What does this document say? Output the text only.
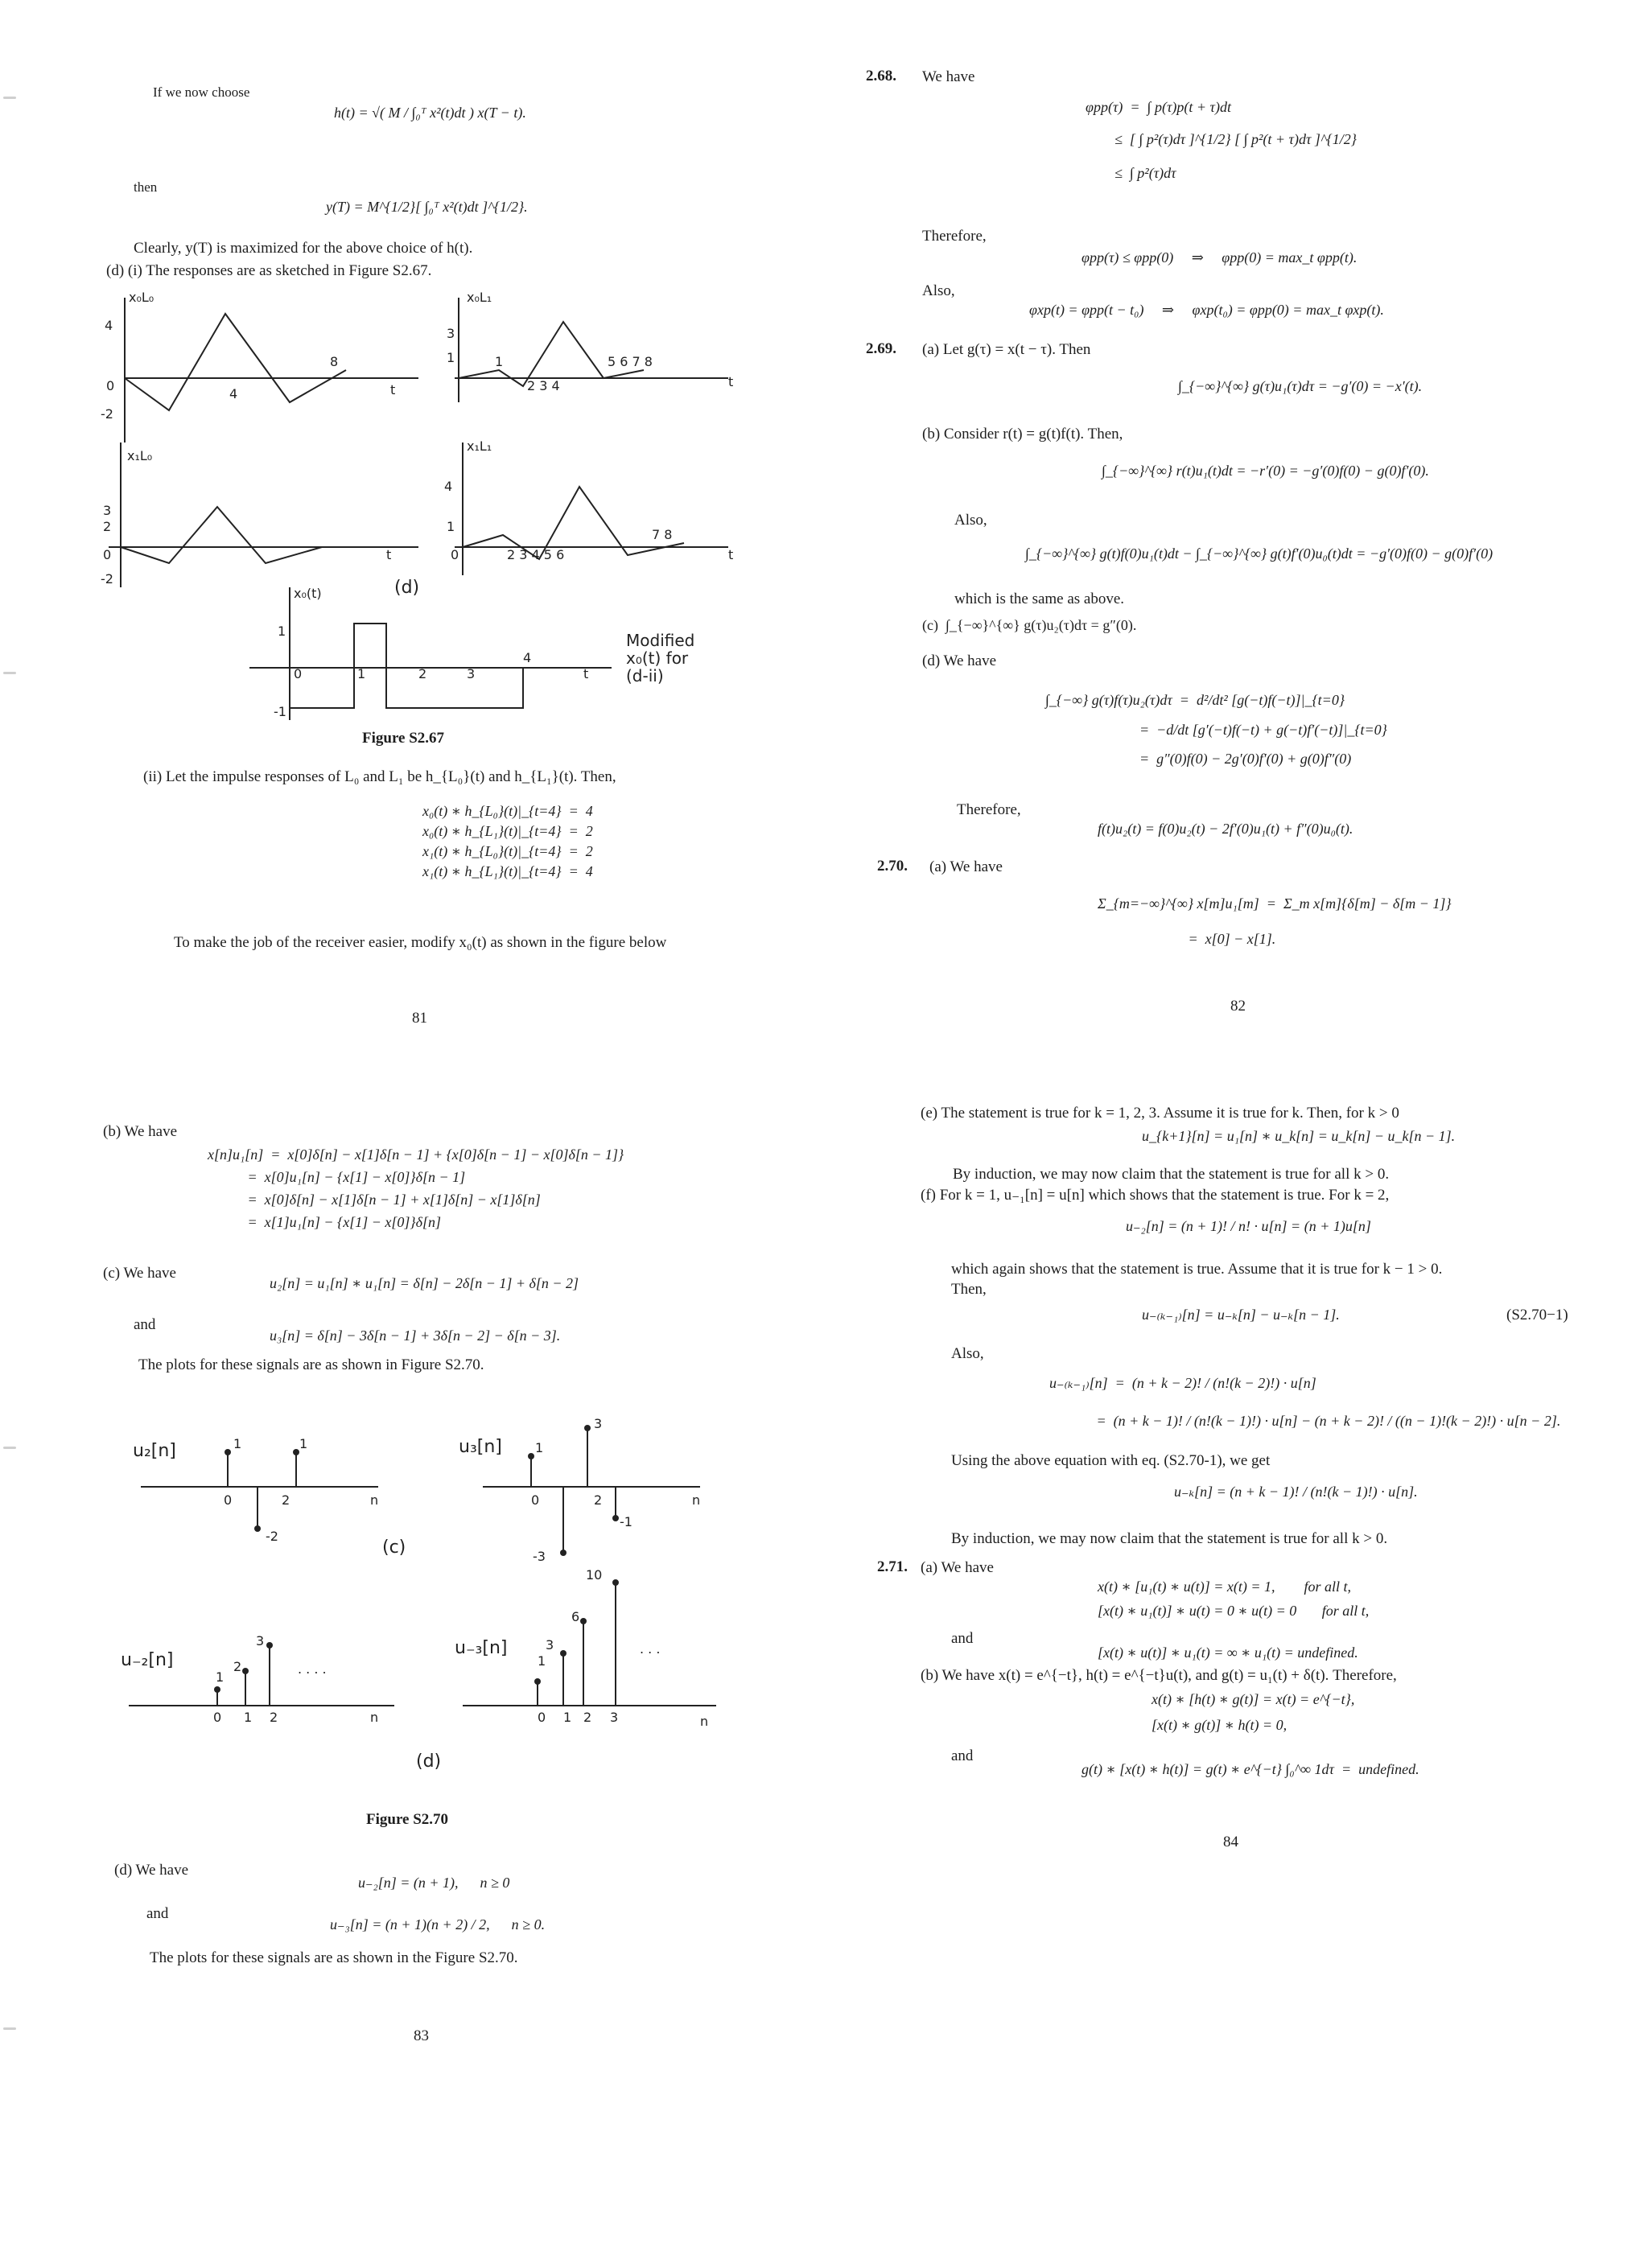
If we now choose
h(t) = √( M / ∫₀ᵀ x²(t)dt ) x(T − t).
then
y(T) = M^{1/2}[ ∫₀ᵀ x²(t)dt ]^{1/2}.
Clearly, y(T) is maximized for the above choice of h(t).
(d) (i) The responses are as sketched in Figure S2.67.
x₀L₀
4
0
-2
4
8
t
x₀L₁
3
1	1
2 3 4
5 6 7 8
t
x₁L₀
3
2
0
-2
t
x₁L₁
4
1
0	2 3 4 5 6
7 8
t
x₀(t)
1
-1
0	1	2	3
4
t
(d)
Modified
x₀(t) for
(d-ii)
Figure S2.67
(ii) Let the impulse responses of L₀ and L₁ be h_{L₀}(t) and h_{L₁}(t). Then,
x₀(t) ∗ h_{L₀}(t)|_{t=4}  =  4
x₀(t) ∗ h_{L₁}(t)|_{t=4}  =  2
x₁(t) ∗ h_{L₀}(t)|_{t=4}  =  2
x₁(t) ∗ h_{L₁}(t)|_{t=4}  =  4
To make the job of the receiver easier, modify x₀(t) as shown in the figure below
81
2.68. We have
φpp(τ)  =  ∫ p(τ)p(t + τ)dt
≤  [ ∫ p²(τ)dτ ]^{1/2} [ ∫ p²(t + τ)dτ ]^{1/2}
≤  ∫ p²(τ)dτ
Therefore,
φpp(τ) ≤ φpp(0)     ⇒     φpp(0) = max_t φpp(t).
Also,
φxp(t) = φpp(t − t₀)     ⇒     φxp(t₀) = φpp(0) = max_t φxp(t).
2.69. (a) Let g(τ) = x(t − τ). Then
∫_{−∞}^{∞} g(τ)u₁(τ)dτ = −g′(0) = −x′(t).
(b) Consider r(t) = g(t)f(t). Then,
∫_{−∞}^{∞} r(t)u₁(t)dt = −r′(0) = −g′(0)f(0) − g(0)f′(0).
Also,
∫_{−∞}^{∞} g(t)f(0)u₁(t)dt − ∫_{−∞}^{∞} g(t)f′(0)u₀(t)dt = −g′(0)f(0) − g(0)f′(0)
which is the same as above.
(c)  ∫_{−∞}^{∞} g(τ)u₂(τ)dτ = g″(0).
(d) We have
∫_{−∞} g(τ)f(τ)u₂(τ)dτ  =  d²/dt² [g(−t)f(−t)]|_{t=0}
=  −d/dt [g′(−t)f(−t) + g(−t)f′(−t)]|_{t=0}
=  g″(0)f(0) − 2g′(0)f′(0) + g(0)f″(0)
Therefore,
f(t)u₂(t) = f(0)u₂(t) − 2f′(0)u₁(t) + f″(0)u₀(t).
2.70. (a) We have
Σ_{m=−∞}^{∞} x[m]u₁[m]  =  Σ_m x[m]{δ[m] − δ[m − 1]}
=  x[0] − x[1].
82
(b) We have
x[n]u₁[n]  =  x[0]δ[n] − x[1]δ[n − 1] + {x[0]δ[n − 1] − x[0]δ[n − 1]}
=  x[0]u₁[n] − {x[1] − x[0]}δ[n − 1]
=  x[0]δ[n] − x[1]δ[n − 1] + x[1]δ[n] − x[1]δ[n]
=  x[1]u₁[n] − {x[1] − x[0]}δ[n]
(c) We have
u₂[n] = u₁[n] ∗ u₁[n] = δ[n] − 2δ[n − 1] + δ[n − 2]
and
u₃[n] = δ[n] − 3δ[n − 1] + 3δ[n − 2] − δ[n − 3].
The plots for these signals are as shown in Figure S2.70.
u₂[n]	1	1
0	2
-2
n
(c)
u₃[n]	1
3
0	2
-3
-1
n
u₋₂[n]
1
2
3
0 1 2
. . . .
n
u₋₃[n]
1
3
6
10
0 1 2 3
. . .
n
(d)
Figure S2.70
(d) We have
u₋₂[n] = (n + 1),      n ≥ 0
and
u₋₃[n] = (n + 1)(n + 2) / 2,      n ≥ 0.
The plots for these signals are as shown in the Figure S2.70.
83
(e) The statement is true for k = 1, 2, 3. Assume it is true for k. Then, for k > 0
u_{k+1}[n] = u₁[n] ∗ u_k[n] = u_k[n] − u_k[n − 1].
By induction, we may now claim that the statement is true for all k > 0.
(f) For k = 1, u₋₁[n] = u[n] which shows that the statement is true. For k = 2,
u₋₂[n] = (n + 1)! / n! · u[n] = (n + 1)u[n]
which again shows that the statement is true. Assume that it is true for k − 1 > 0.
Then,
u₋₍ₖ₋₁₎[n] = u₋ₖ[n] − u₋ₖ[n − 1].	(S2.70−1)
Also,
u₋₍ₖ₋₁₎[n]  =  (n + k − 2)! / (n!(k − 2)!) · u[n]
=  (n + k − 1)! / (n!(k − 1)!) · u[n] − (n + k − 2)! / ((n − 1)!(k − 2)!) · u[n − 2].
Using the above equation with eq. (S2.70-1), we get
u₋ₖ[n] = (n + k − 1)! / (n!(k − 1)!) · u[n].
By induction, we may now claim that the statement is true for all k > 0.
2.71. (a) We have
x(t) ∗ [u₁(t) ∗ u(t)] = x(t) = 1,        for all t,
[x(t) ∗ u₁(t)] ∗ u(t) = 0 ∗ u(t) = 0       for all t,
and
[x(t) ∗ u(t)] ∗ u₁(t) = ∞ ∗ u₁(t) = undefined.
(b) We have x(t) = e^{−t}, h(t) = e^{−t}u(t), and g(t) = u₁(t) + δ(t). Therefore,
x(t) ∗ [h(t) ∗ g(t)] = x(t) = e^{−t},
[x(t) ∗ g(t)] ∗ h(t) = 0,
and
g(t) ∗ [x(t) ∗ h(t)] = g(t) ∗ e^{−t} ∫₀^∞ 1dτ  =  undefined.
84
